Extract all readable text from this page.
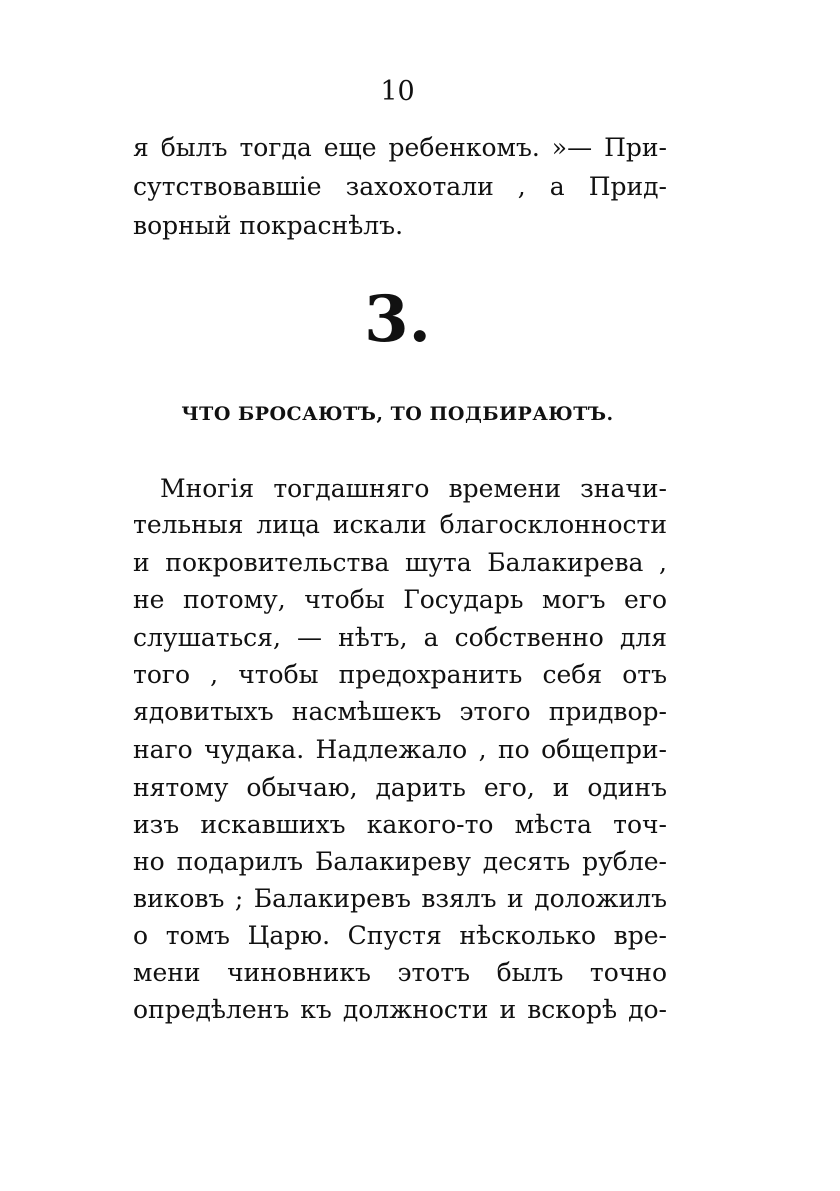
10
я былъ тогда еще ребенкомъ. »— При-
сутствовавшіе захохотали , а Прид-
ворный покраснѣлъ.
3.
ЧТО БРОСАЮТЪ, ТО ПОДБИРАЮТЪ.
Многія тогдашняго времени значи-
тельныя лица искали благосклонности
и покровительства шута Балакирева ,
не потому, чтобы Государь могъ его
слушаться, — нѣтъ, а собственно для
того , чтобы предохранить себя отъ
ядовитыхъ насмѣшекъ этого придвор-
наго чудака. Надлежало , по общепри-
нятому обычаю, дарить его, и одинъ
изъ искавшихъ какого-то мѣста точ-
но подарилъ Балакиреву десять рубле-
виковъ ; Балакиревъ взялъ и доложилъ
о томъ Царю. Спустя нѣсколько вре-
мени чиновникъ этотъ былъ точно
опредѣленъ къ должности и вскорѣ до-
